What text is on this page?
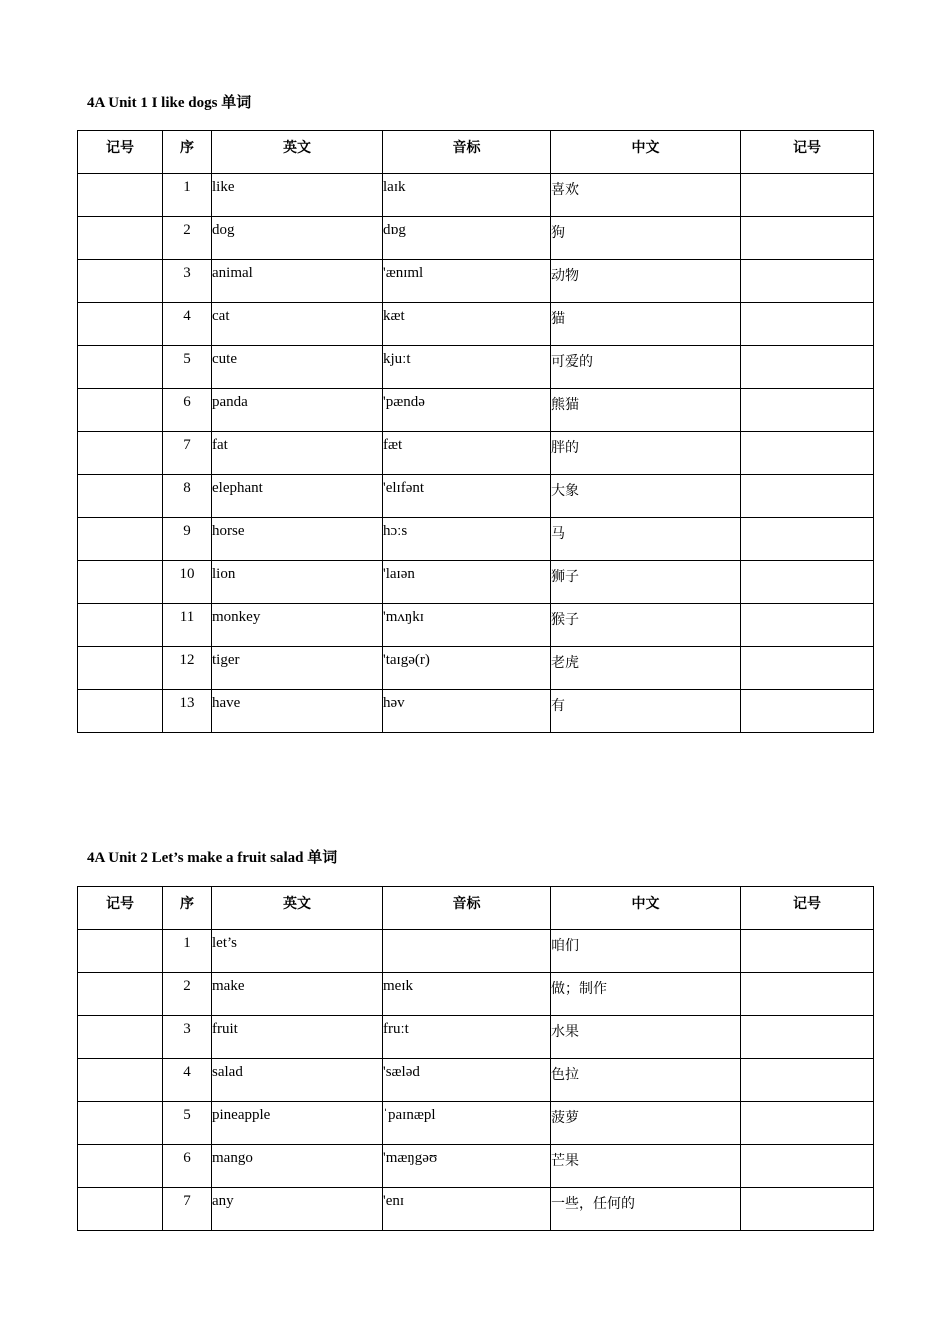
4A Unit 1 I like dogs 单词
记号	序	英文	音标	中文	记号
	1	like	laɪk	喜欢	
	2	dog	dɒg	狗	
	3	animal	'ænɪml	动物	
	4	cat	kæt	猫	
	5	cute	kjuːt	可爱的	
	6	panda	'pændə	熊猫	
	7	fat	fæt	胖的	
	8	elephant	'elɪfənt	大象	
	9	horse	hɔːs	马	
	10	lion	'laɪən	狮子	
	11	monkey	'mʌŋkɪ	猴子	
	12	tiger	'taɪgə(r)	老虎	
	13	have	həv	有	
4A Unit 2 Let’s make a fruit salad 单词
记号	序	英文	音标	中文	记号
	1	let’s		咱们	
	2	make	meɪk	做；制作	
	3	fruit	fruːt	水果	
	4	salad	'sæləd	色拉	
	5	pineapple	ˈpaɪnæpl	菠萝	
	6	mango	'mæŋgəʊ	芒果	
	7	any	'enɪ	一些，任何的	
